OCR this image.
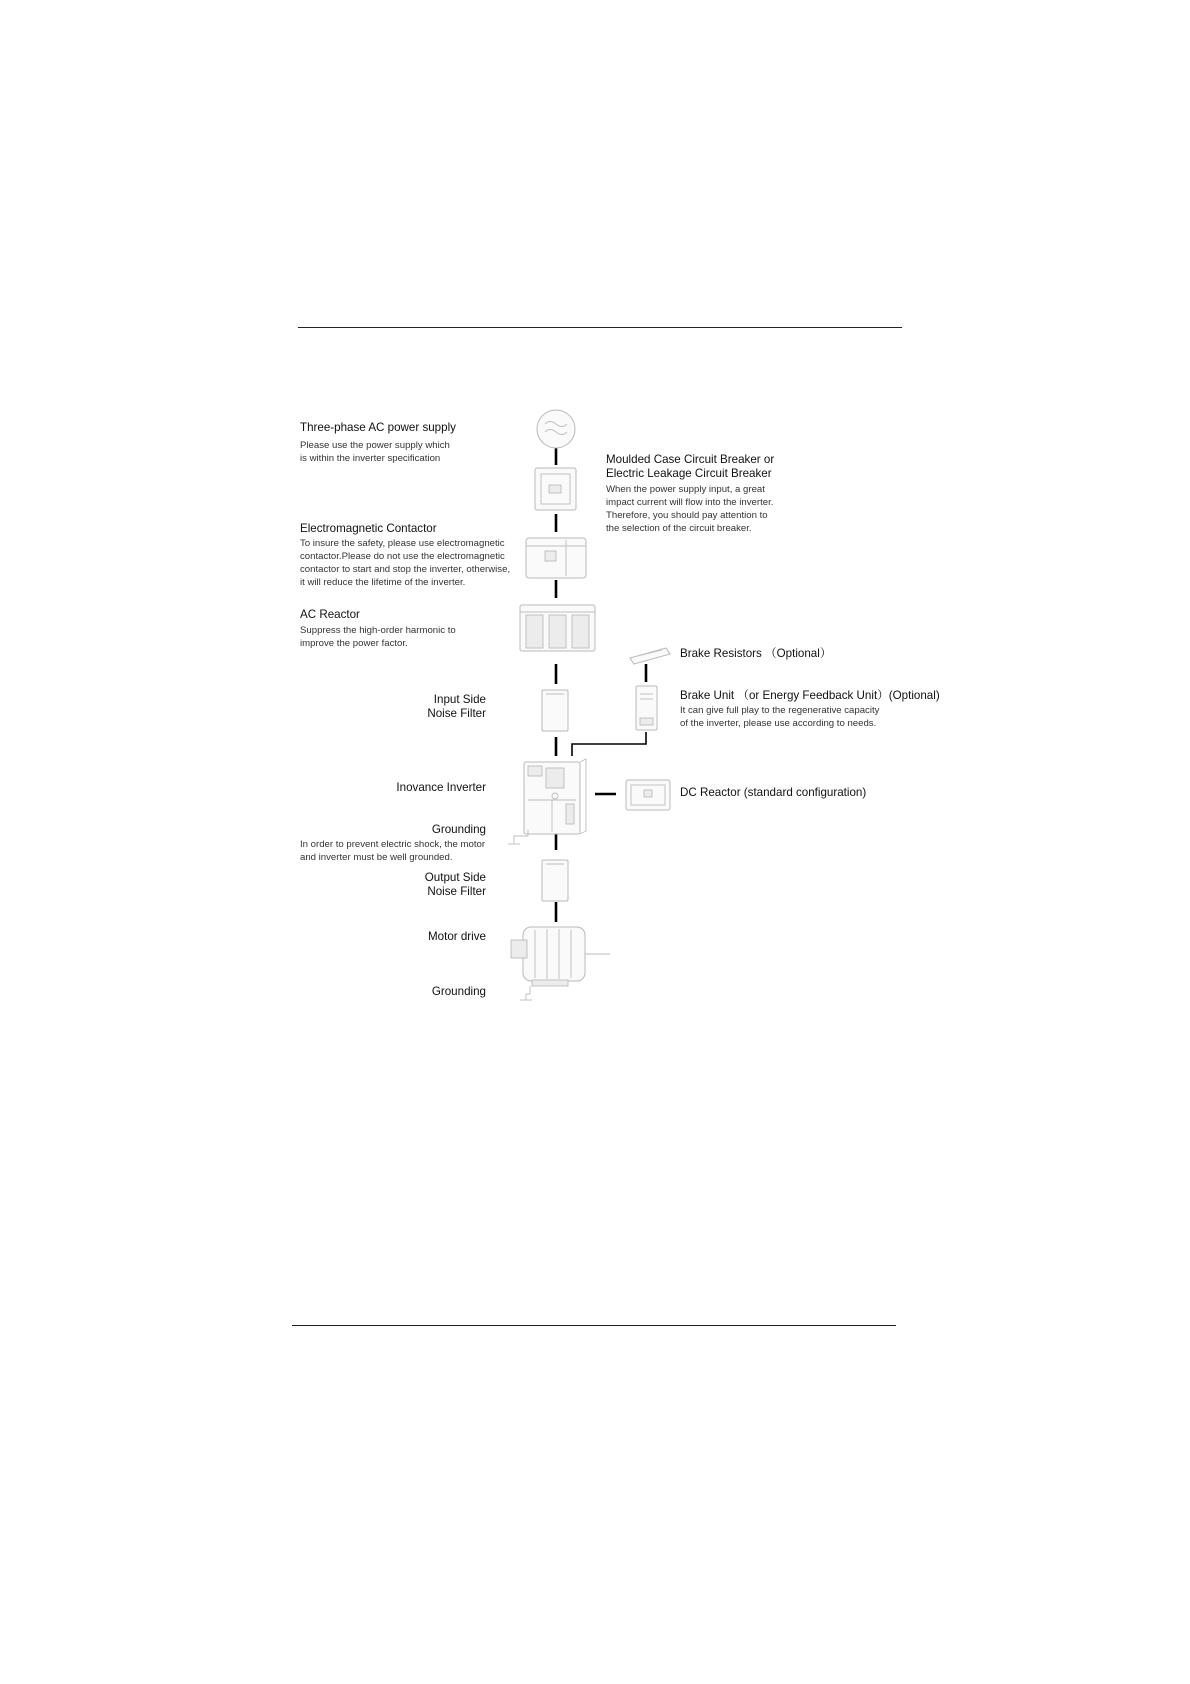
Three-phase AC power supply
Please use the power supply which
is within the inverter specification	Moulded Case Circuit Breaker or
Electric Leakage Circuit Breaker
When the power supply input, a great
impact current will flow into the inverter.
Therefore, you should pay attention to
the selection of the circuit breaker.
Electromagnetic Contactor
To insure the safety, please use electromagnetic
contactor.Please do not use the electromagnetic
contactor to start and stop the inverter, otherwise,
it will reduce the lifetime of the inverter.
AC Reactor
Suppress the high-order harmonic to
improve the power factor.
Brake Resistors （Optional）
Brake Unit （or Energy Feedback Unit）(Optional)
It can give full play to the regenerative capacity
of the inverter, please use according to needs.
Input Side
Noise Filter
Inovance Inverter	DC Reactor (standard configuration)
Grounding
In order to prevent electric shock, the motor
and inverter must be well grounded.
Output Side
Noise Filter
Motor drive
Grounding
